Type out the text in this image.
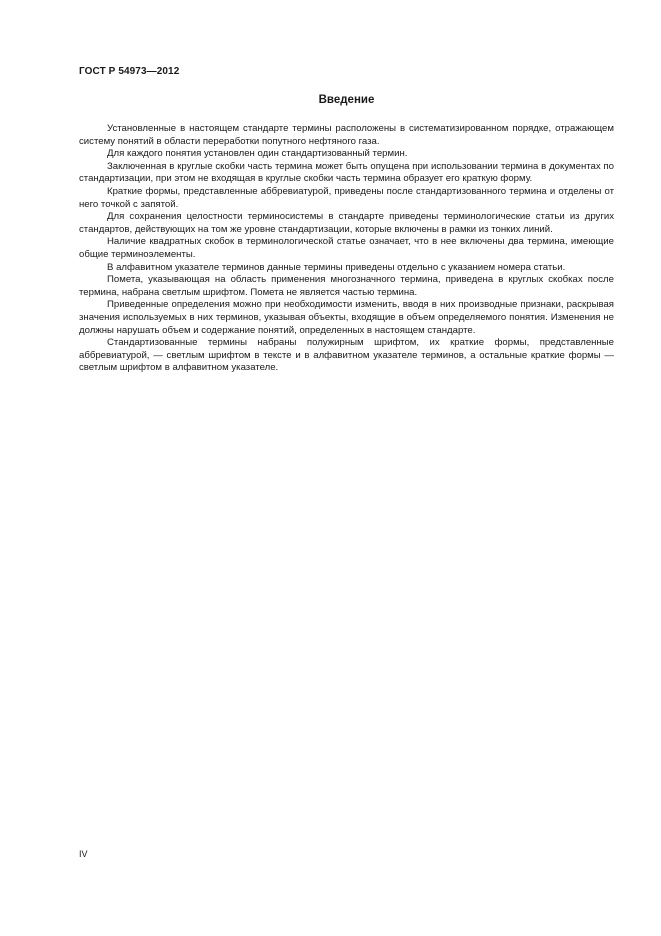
ГОСТ Р 54973—2012
Введение

Установленные в настоящем стандарте термины расположены в систематизированном порядке, отражающем систему понятий в области переработки попутного нефтяного газа.

Для каждого понятия установлен один стандартизованный термин.

Заключенная в круглые скобки часть термина может быть опущена при использовании термина в документах по стандартизации, при этом не входящая в круглые скобки часть термина образует его краткую форму.

Краткие формы, представленные аббревиатурой, приведены после стандартизованного термина и отделены от него точкой с запятой.

Для сохранения целостности терминосистемы в стандарте приведены терминологические статьи из других стандартов, действующих на том же уровне стандартизации, которые включены в рамки из тонких линий.

Наличие квадратных скобок в терминологической статье означает, что в нее включены два термина, имеющие общие терминоэлементы.

В алфавитном указателе терминов данные термины приведены отдельно с указанием номера статьи.

Помета, указывающая на область применения многозначного термина, приведена в круглых скобках после термина, набрана светлым шрифтом. Помета не является частью термина.

Приведенные определения можно при необходимости изменить, вводя в них производные признаки, раскрывая значения используемых в них терминов, указывая объекты, входящие в объем определяемого понятия. Изменения не должны нарушать объем и содержание понятий, определенных в настоящем стандарте.

Стандартизованные термины набраны полужирным шрифтом, их краткие формы, представленные аббревиатурой, — светлым шрифтом в тексте и в алфавитном указателе терминов, а остальные краткие формы — светлым шрифтом в алфавитном указателе.

IV
